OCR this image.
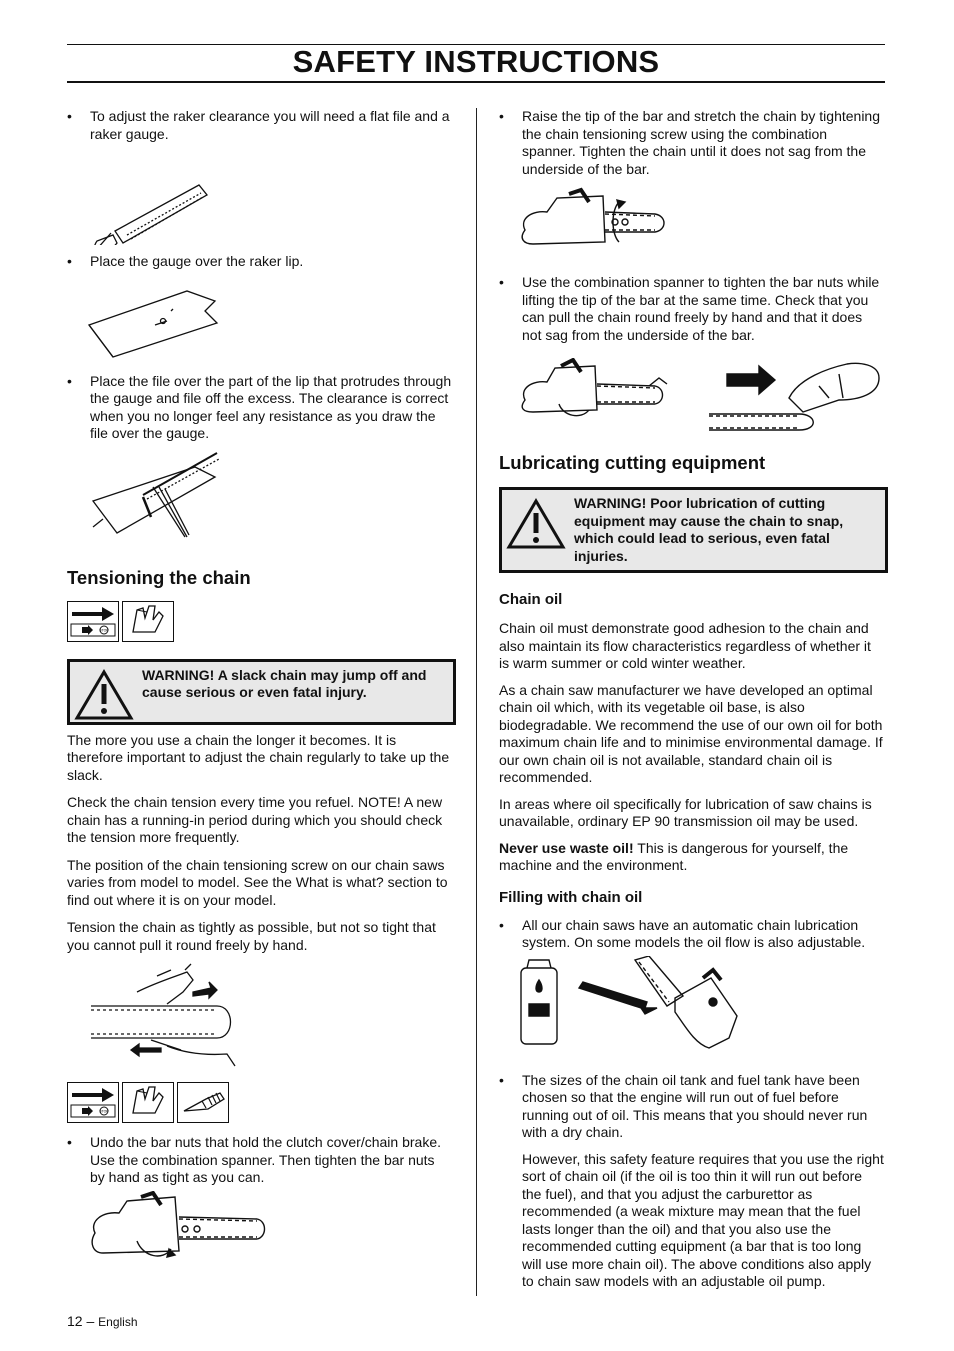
SAFETY INSTRUCTIONS
• To adjust the raker clearance you will need a flat file and a raker gauge.
• Place the gauge over the raker lip.
• Place the file over the part of the lip that protrudes through the gauge and file off the excess. The clearance is correct when you no longer feel any resistance as you draw the file over the gauge.
Tensioning the chain
STOP
WARNING! A slack chain may jump off and cause serious or even fatal injury.

The more you use a chain the longer it becomes. It is therefore important to adjust the chain regularly to take up the slack.

Check the chain tension every time you refuel. NOTE! A new chain has a running-in period during which you should check the tension more frequently.

The position of the chain tensioning screw on our chain saws varies from model to model. See the What is what? section to find out where it is on your model.

Tension the chain as tightly as possible, but not so tight that you cannot pull it round freely by hand.

STOP
• Undo the bar nuts that hold the clutch cover/chain brake. Use the combination spanner. Then tighten the bar nuts by hand as tight as you can.
• Raise the tip of the bar and stretch the chain by tightening the chain tensioning screw using the combination spanner. Tighten the chain until it does not sag from the underside of the bar.
• Use the combination spanner to tighten the bar nuts while lifting the tip of the bar at the same time. Check that you can pull the chain round freely by hand and that it does not sag from the underside of the bar.
Lubricating cutting equipment
WARNING! Poor lubrication of cutting equipment may cause the chain to snap, which could lead to serious, even fatal injuries.
Chain oil

Chain oil must demonstrate good adhesion to the chain and also maintain its flow characteristics regardless of whether it is warm summer or cold winter weather.

As a chain saw manufacturer we have developed an optimal chain oil which, with its vegetable oil base, is also biodegradable. We recommend the use of our own oil for both maximum chain life and to minimise environmental damage. If our own chain oil is not available, standard chain oil is recommended.

In areas where oil specifically for lubrication of saw chains is unavailable, ordinary EP 90 transmission oil may be used.

Never use waste oil! This is dangerous for yourself, the machine and the environment.

Filling with chain oil
• All our chain saws have an automatic chain lubrication system. On some models the oil flow is also adjustable.
• The sizes of the chain oil tank and fuel tank have been chosen so that the engine will run out of fuel before running out of oil. This means that you should never run with a dry chain.

However, this safety feature requires that you use the right sort of chain oil (if the oil is too thin it will run out before the fuel), and that you adjust the carburettor as recommended (a weak mixture may mean that the fuel lasts longer than the oil) and that you also use the recommended cutting equipment (a bar that is too long will use more chain oil). The above conditions also apply to chain saw models with an adjustable oil pump.

12 – English
